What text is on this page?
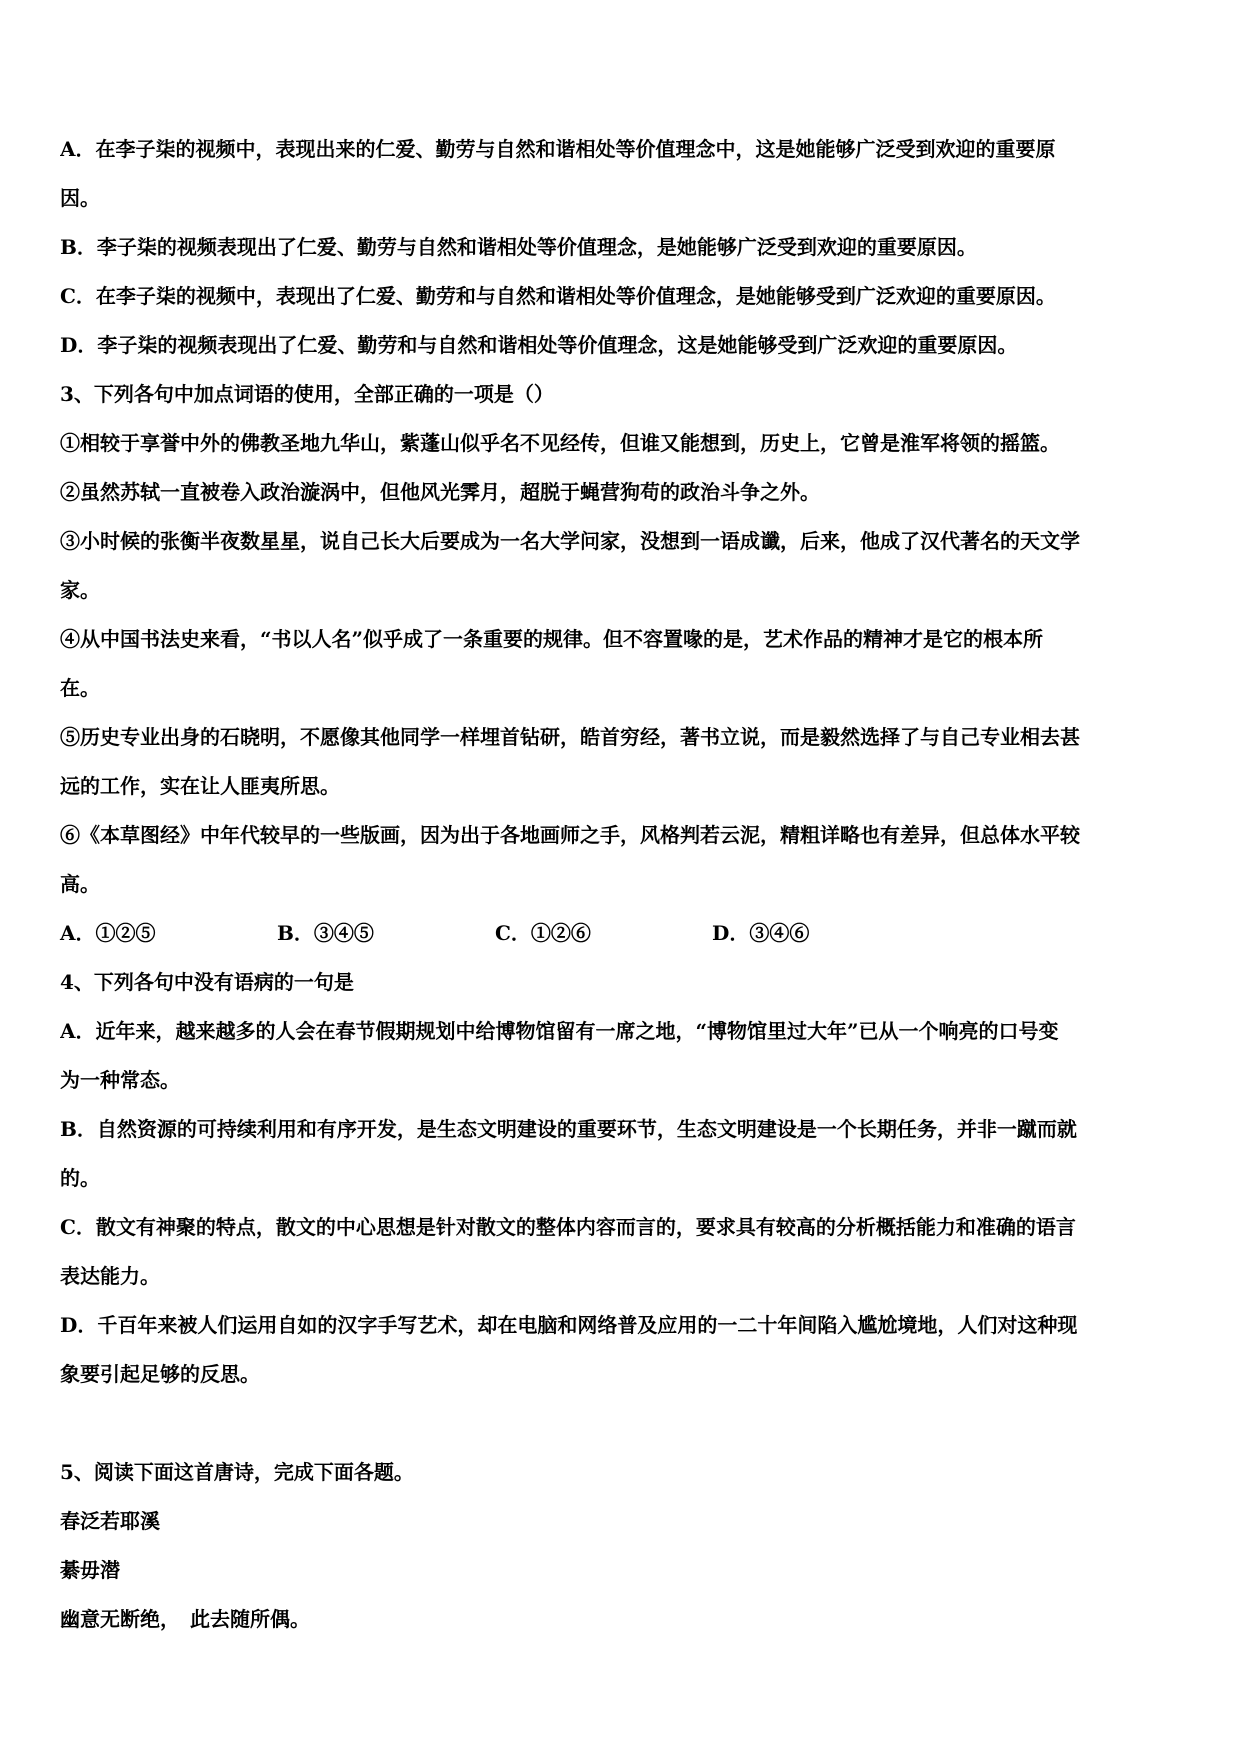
A．在李子柒的视频中，表现出来的仁爱、勤劳与自然和谐相处等价值理念中，这是她能够广泛受到欢迎的重要原
因。
B．李子柒的视频表现出了仁爱、勤劳与自然和谐相处等价值理念，是她能够广泛受到欢迎的重要原因。
C．在李子柒的视频中，表现出了仁爱、勤劳和与自然和谐相处等价值理念，是她能够受到广泛欢迎的重要原因。
D．李子柒的视频表现出了仁爱、勤劳和与自然和谐相处等价值理念，这是她能够受到广泛欢迎的重要原因。
3、下列各句中加点词语的使用，全部正确的一项是（）
①相较于享誉中外的佛教圣地九华山，紫蓬山似乎名不见经传，但谁又能想到，历史上，它曾是淮军将领的摇篮。
②虽然苏轼一直被卷入政治漩涡中，但他风光霁月，超脱于蝇营狗苟的政治斗争之外。
③小时候的张衡半夜数星星，说自己长大后要成为一名大学问家，没想到一语成谶，后来，他成了汉代著名的天文学
家。
④从中国书法史来看，“书以人名”似乎成了一条重要的规律。但不容置喙的是，艺术作品的精神才是它的根本所
在。
⑤历史专业出身的石晓明，不愿像其他同学一样埋首钻研，皓首穷经，著书立说，而是毅然选择了与自己专业相去甚
远的工作，实在让人匪夷所思。
⑥《本草图经》中年代较早的一些版画，因为出于各地画师之手，风格判若云泥，精粗详略也有差异，但总体水平较
高。
A．①②⑤	B．③④⑤	C．①②⑥	D．③④⑥
4、下列各句中没有语病的一句是
A．近年来，越来越多的人会在春节假期规划中给博物馆留有一席之地，“博物馆里过大年”已从一个响亮的口号变
为一种常态。
B．自然资源的可持续利用和有序开发，是生态文明建设的重要环节，生态文明建设是一个长期任务，并非一蹴而就
的。
C．散文有神聚的特点，散文的中心思想是针对散文的整体内容而言的，要求具有较高的分析概括能力和准确的语言
表达能力。
D．千百年来被人们运用自如的汉字手写艺术，却在电脑和网络普及应用的一二十年间陷入尴尬境地，人们对这种现
象要引起足够的反思。
5、阅读下面这首唐诗，完成下面各题。
春泛若耶溪
綦毋潜
幽意无断绝，　此去随所偶。
